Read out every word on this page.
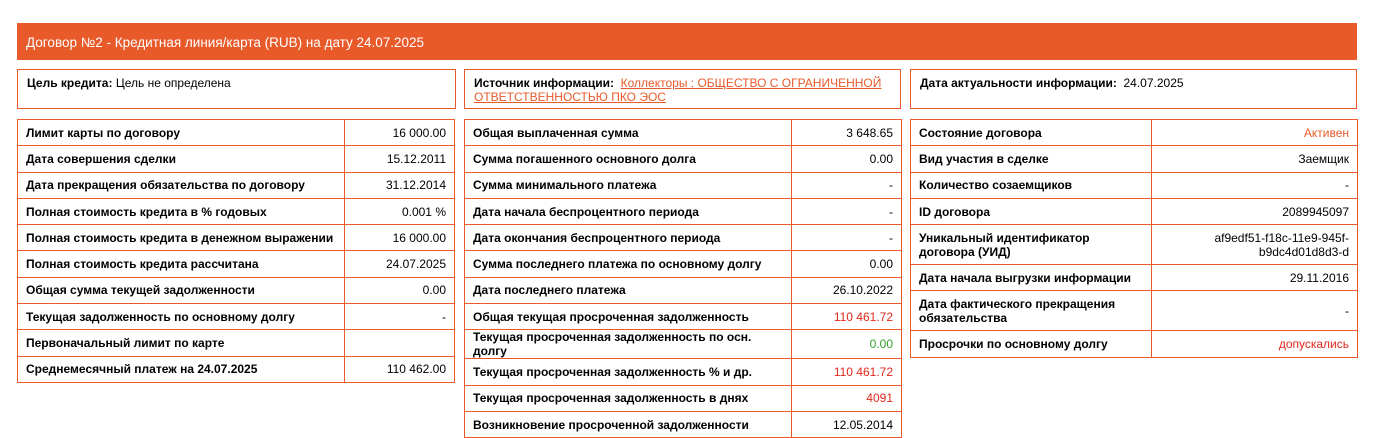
Договор №2 - Кредитная линия/карта (RUB) на дату 24.07.2025
Цель кредита: Цель не определена	Источник информации: Коллекторы : ОБЩЕСТВО С ОГРАНИЧЕННОЙ ОТВЕТСТВЕННОСТЬЮ ПКО ЭОС
Дата актуальности информации: 24.07.2025
Лимит карты по договору	16 000.00
Дата совершения сделки	15.12.2011
Дата прекращения обязательства по договору	31.12.2014
Полная стоимость кредита в % годовых	0.001 %
Полная стоимость кредита в денежном выражении	16 000.00
Полная стоимость кредита рассчитана	24.07.2025
Общая сумма текущей задолженности	0.00
Текущая задолженность по основному долгу	-
Первоначальный лимит по карте	
Среднемесячный платеж на 24.07.2025	110 462.00
Общая выплаченная сумма	3 648.65
Сумма погашенного основного долга	0.00
Сумма минимального платежа	-
Дата начала беспроцентного периода	-
Дата окончания беспроцентного периода	-
Сумма последнего платежа по основному долгу	0.00
Дата последнего платежа	26.10.2022
Общая текущая просроченная задолженность	110 461.72
Текущая просроченная задолженность по осн. долгу	0.00
Текущая просроченная задолженность % и др.	110 461.72
Текущая просроченная задолженность в днях	4091
Возникновение просроченной задолженности	12.05.2014
Состояние договора	Активен
Вид участия в сделке	Заемщик
Количество созаемщиков	-
ID договора	2089945097
Уникальный идентификатор договора (УИД)	af9edf51-f18c-11e9-945f-b9dc4d01d8d3-d
Дата начала выгрузки информации	29.11.2016
Дата фактического прекращения обязательства	-
Просрочки по основному долгу	допускались
